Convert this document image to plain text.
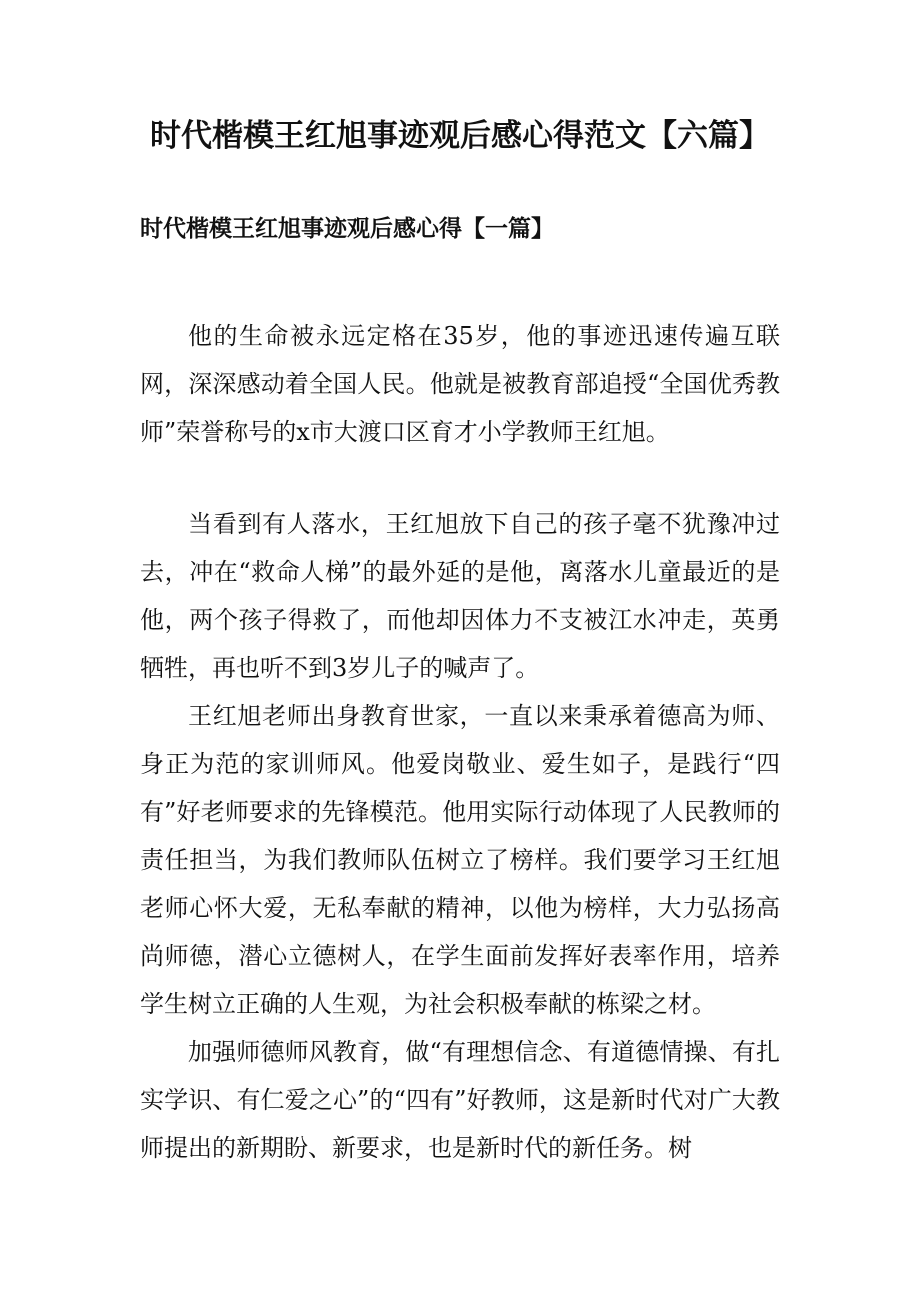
时代楷模王红旭事迹观后感心得范文【六篇】
时代楷模王红旭事迹观后感心得【一篇】

他的生命被永远定格在35岁，他的事迹迅速传遍互联网，深深感动着全国人民。他就是被教育部追授“全国优秀教师”荣誉称号的x市大渡口区育才小学教师王红旭。

当看到有人落水，王红旭放下自己的孩子毫不犹豫冲过去，冲在“救命人梯”的最外延的是他，离落水儿童最近的是他，两个孩子得救了，而他却因体力不支被江水冲走，英勇牺牲，再也听不到3岁儿子的喊声了。

王红旭老师出身教育世家，一直以来秉承着德高为师、身正为范的家训师风。他爱岗敬业、爱生如子，是践行“四有”好老师要求的先锋模范。他用实际行动体现了人民教师的责任担当，为我们教师队伍树立了榜样。我们要学习王红旭老师心怀大爱，无私奉献的精神，以他为榜样，大力弘扬高尚师德，潜心立德树人，在学生面前发挥好表率作用，培养学生树立正确的人生观，为社会积极奉献的栋梁之材。

加强师德师风教育，做“有理想信念、有道德情操、有扎实学识、有仁爱之心”的“四有”好教师，这是新时代对广大教师提出的新期盼、新要求，也是新时代的新任务。树
